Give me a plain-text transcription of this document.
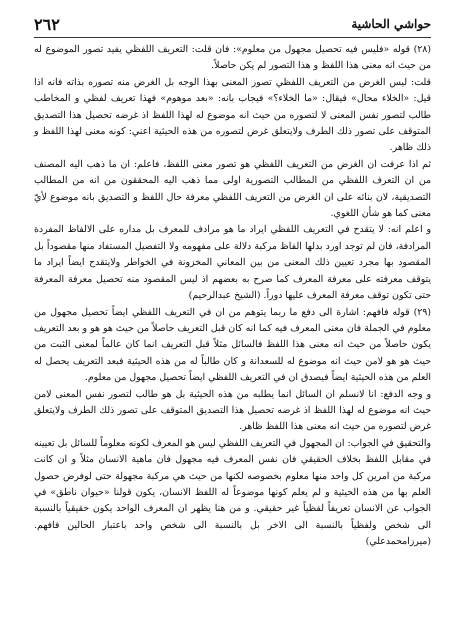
٢٦٢	حواشي الحاشية

(٢٨) قوله «فليس فيه تحصيل مجهول من معلوم»: فان قلت: التعريف اللفظي يفيد تصور الموضوع له من حيث انه معنى هذا اللفظ و هذا التصور لم يكن حاصلاً.

قلت: ليس الغرض من التعريف اللفظي تصور المعنى بهذا الوجه بل الغرض منه تصوره بذاته فانه اذا قيل: «الخلاء محال» فيقال: «ما الخلاء؟» فيجاب بانه: «بعد موهوم» فهذا تعريف لفظي و المخاطب طالب لتصور نفس المعنى لا لتصوره من حيث انه موضوع له لهذا اللفظ اذ غرضه تحصيل هذا التصديق المتوقف على تصور ذلك الطرف ولايتعلق غرض لتصوره من هذه الحيثية اعني: كونه معنى لهذا اللفظ و ذلك ظاهر.

ثم اذا عرفت ان الغرض من التعريف اللفظي هو تصور معنى اللفظ، فاعلم: ان ما ذهب اليه المصنف من ان التعرف اللفظي من المطالب التصورية اولى مما ذهب اليه المحققون من انه من المطالب التصديقية، لان بنائه على ان الغرض من التعريف اللفظي معرفة حال اللفظ و التصديق بانه موضوع لأيّ معنى كما هو شأن اللغوي.

و اعلم انه: لا يتقدح في التعريف اللفظي ايراد ما هو مرادف للمعرف بل مداره على الالفاظ المفردة المرادفة، فان لم توجد اورد بدلها الفاظ مركبة دلالة على مفهومه ولا التفصيل المستفاد منها مقصوداً بل المقصود بها مجرد تعيين ذلك المعنى من بين المعاني المخزونة في الخواطر ولايتقدح ايضاً ايراد ما يتوقف معرفته على معرفة المعرف كما صرح به بعضهم اذ ليس المقصود منه تحصيل معرفة المعرفة حتى تكون توقف معرفة المعرف عليها دوراً. (الشيخ عبدالرحيم)

(٢٩) قوله فافهم: اشارة الى دفع ما ربما يتوهم من ان في التعريف اللفظي ايضاً تحصيل مجهول من معلوم في الجملة فان معنى المعرف فيه كما انه كان قبل التعريف حاصلاً من حيث هو هو و بعد التعريف يكون حاصلاً من حيث انه معنى هذا اللفظ فالسائل مثلاً قبل التعريف انما كان عالماً لمعنى الثبت من حيث هو هو لامن حيث انه موضوع له للسعدانة و كان طالباً له من هذه الحيثية فبعد التعريف يحصل له العلم من هذه الحيثية ايضاً فيصدق ان في التعريف اللفظي ايضاً تحصيل مجهول من معلوم.

و وجه الدفع: انا لانسلم ان السائل انما يطلبه من هذه الحيثية بل هو طالب لتصور نفس المعنى لامن حيث انه موضوع له لهذا اللفظ اذ غرضه تحصيل هذا التصديق المتوقف على تصور ذلك الطرف ولايتعلق غرض لتصوره من حيث انه معنى هذا اللفظ ظاهر.

والتحقيق في الجواب: ان المجهول في التعريف اللفظي ليس هو المعرف لكونه معلوماً للسائل بل تعيينه في مقابل اللفظ بخلاف الحقيقي فان نفس المعرف فيه مجهول فان ماهية الانسان مثلاً و ان كانت مركبة من امرين كل واحد منها معلوم بخصوصه لكنها من حيث هي مركبة مجهولة حتى لوفرض حصول العلم بها من هذه الحيثية و لم يعلم كونها موضوعاً له اللفظ الانسان، يكون قولنا «حيوان ناطق» في الجواب عن الانسان تعريفاً لفظياً غير حقيقي. و من هنا يظهر ان المعرف الواحد يكون حقيقياً بالنسبة الى شخص ولفظياً بالنسبة الى الاخر بل بالنسبة الى شخص واحد باعتبار الحالين فافهم. (ميرزامحمدعلي)
